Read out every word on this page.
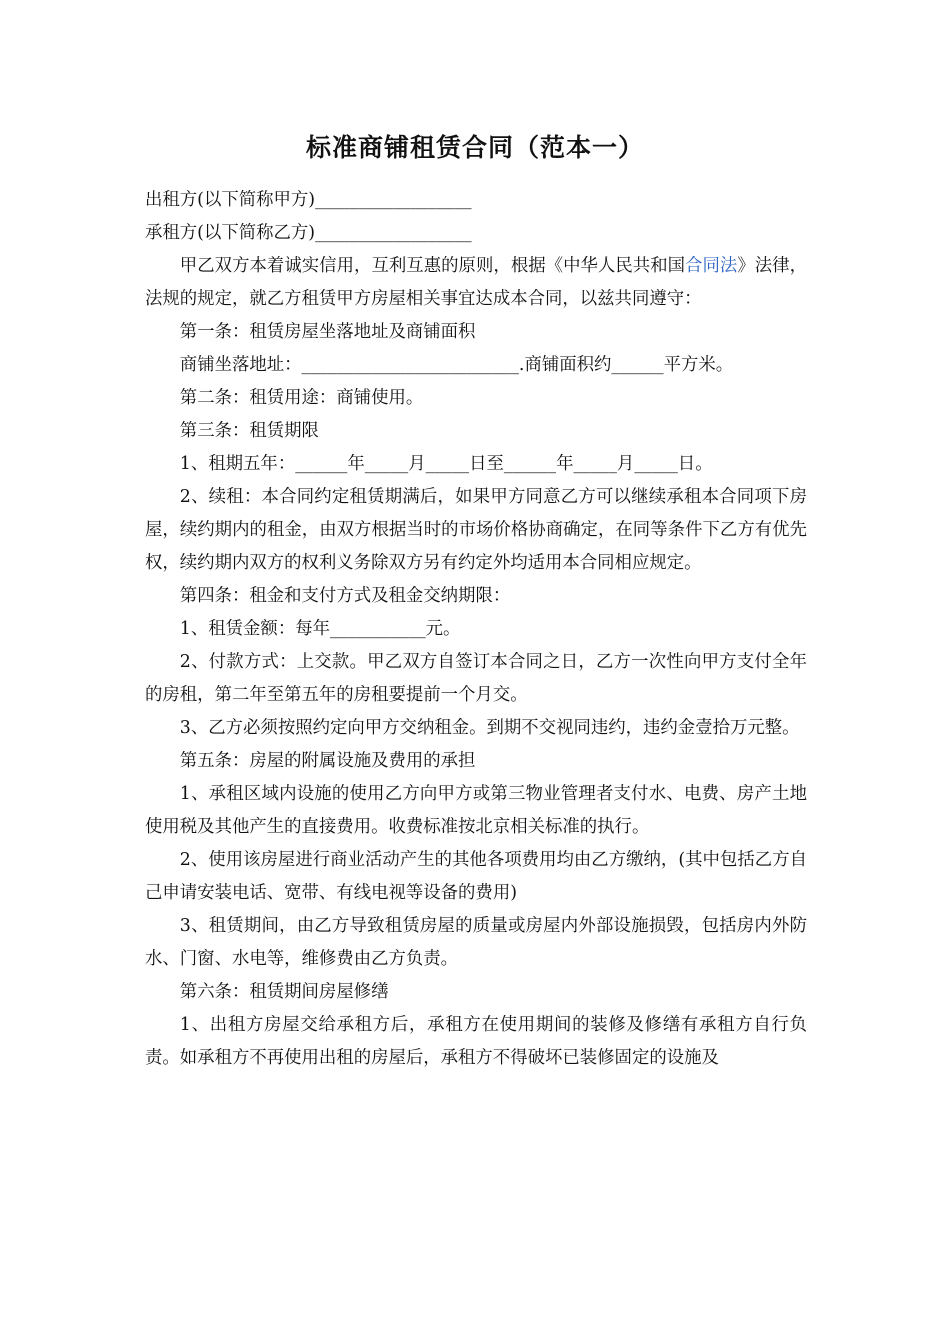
标准商铺租赁合同（范本一）

出租方(以下简称甲方)__________________

承租方(以下简称乙方)__________________

甲乙双方本着诚实信用，互利互惠的原则，根据《中华人民共和国合同法》法律，法规的规定，就乙方租赁甲方房屋相关事宜达成本合同，以兹共同遵守：

第一条：租赁房屋坐落地址及商铺面积

商铺坐落地址：_________________________.商铺面积约______平方米。

第二条：租赁用途：商铺使用。

第三条：租赁期限

1、租期五年：______年_____月_____日至______年_____月_____日。

2、续租：本合同约定租赁期满后，如果甲方同意乙方可以继续承租本合同项下房屋，续约期内的租金，由双方根据当时的市场价格协商确定，在同等条件下乙方有优先权，续约期内双方的权利义务除双方另有约定外均适用本合同相应规定。

第四条：租金和支付方式及租金交纳期限：

1、租赁金额：每年___________元。

2、付款方式：上交款。甲乙双方自签订本合同之日，乙方一次性向甲方支付全年的房租，第二年至第五年的房租要提前一个月交。

3、乙方必须按照约定向甲方交纳租金。到期不交视同违约，违约金壹拾万元整。

第五条：房屋的附属设施及费用的承担

1、承租区域内设施的使用乙方向甲方或第三物业管理者支付水、电费、房产土地使用税及其他产生的直接费用。收费标准按北京相关标准的执行。

2、使用该房屋进行商业活动产生的其他各项费用均由乙方缴纳，(其中包括乙方自己申请安装电话、宽带、有线电视等设备的费用)

3、租赁期间，由乙方导致租赁房屋的质量或房屋内外部设施损毁，包括房内外防水、门窗、水电等，维修费由乙方负责。

第六条：租赁期间房屋修缮

1、出租方房屋交给承租方后，承租方在使用期间的装修及修缮有承租方自行负责。如承租方不再使用出租的房屋后，承租方不得破坏已装修固定的设施及
